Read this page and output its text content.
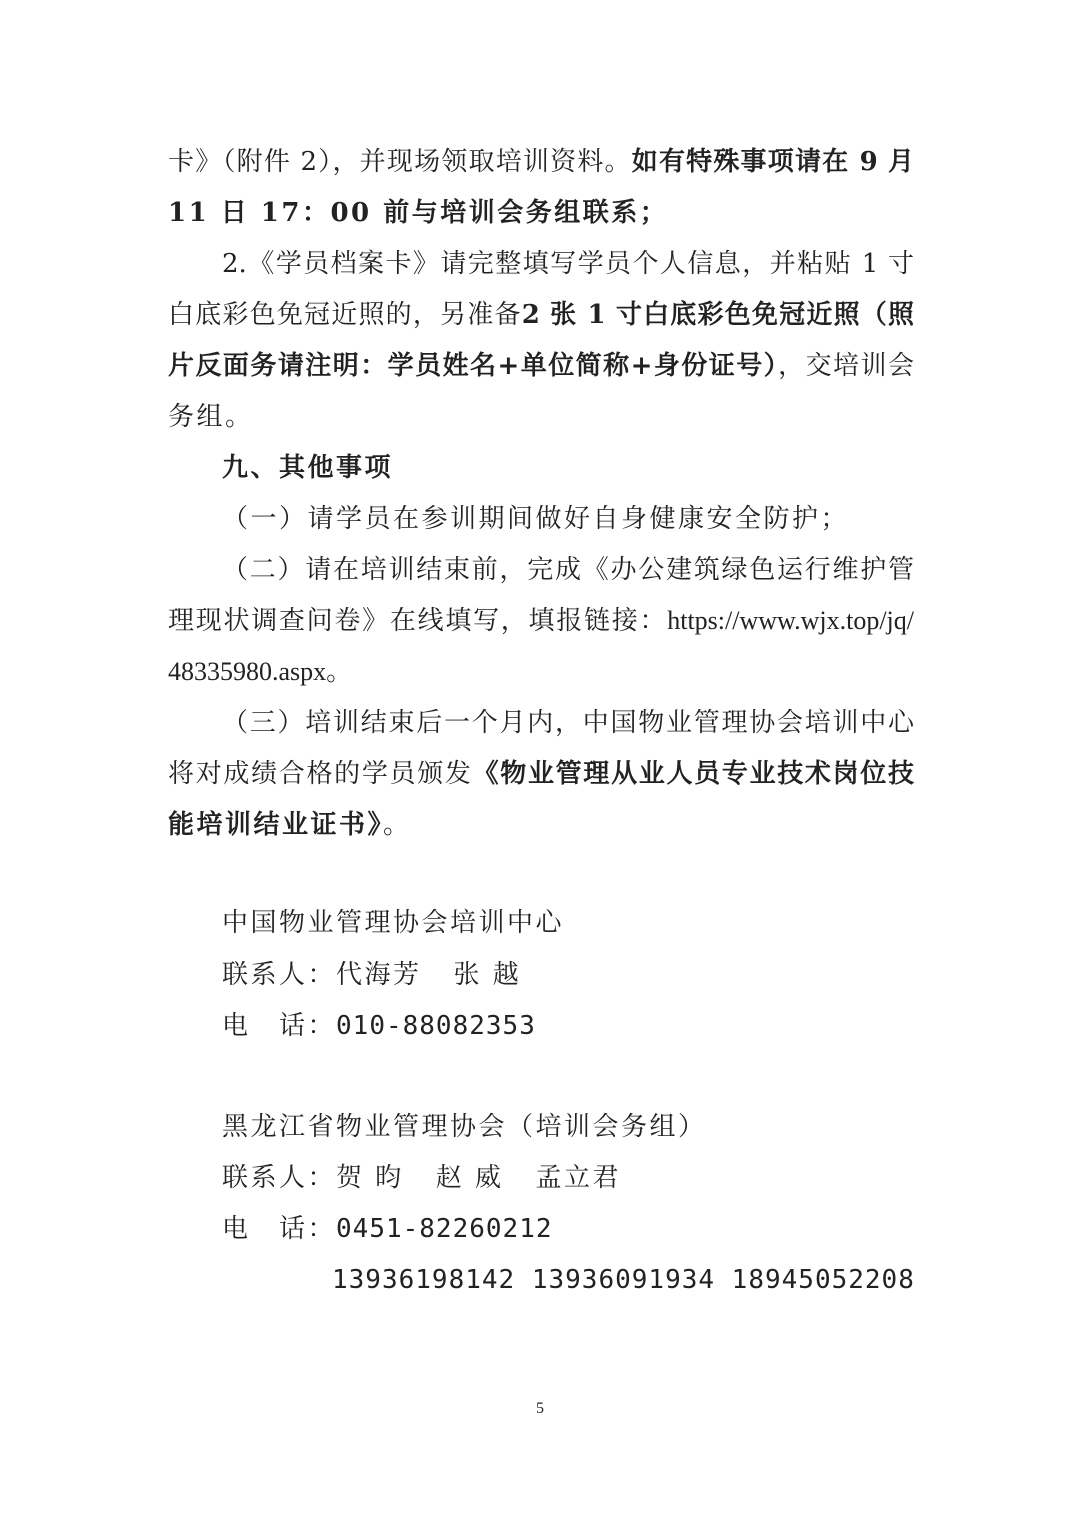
卡》（附件 2），并现场领取培训资料。如有特殊事项请在 9 月
11 日 17：00 前与培训会务组联系；
2.《学员档案卡》请完整填写学员个人信息，并粘贴 1 寸
白底彩色免冠近照的，另准备2 张 1 寸白底彩色免冠近照（照
片反面务请注明：学员姓名+单位简称+身份证号），交培训会
务组。
九、其他事项
（一）请学员在参训期间做好自身健康安全防护；
（二）请在培训结束前，完成《办公建筑绿色运行维护管
理现状调查问卷》在线填写，填报链接：https://www.wjx.top/jq/
48335980.aspx。
（三）培训结束后一个月内，中国物业管理协会培训中心
将对成绩合格的学员颁发《物业管理从业人员专业技术岗位技
能培训结业证书》。
中国物业管理协会培训中心
联系人：代海芳 张 越
电　话：010-88082353
黑龙江省物业管理协会（培训会务组）
联系人：贺 昀 赵 威 孟立君
电　话：0451-82260212
13936198142 13936091934 18945052208
5
